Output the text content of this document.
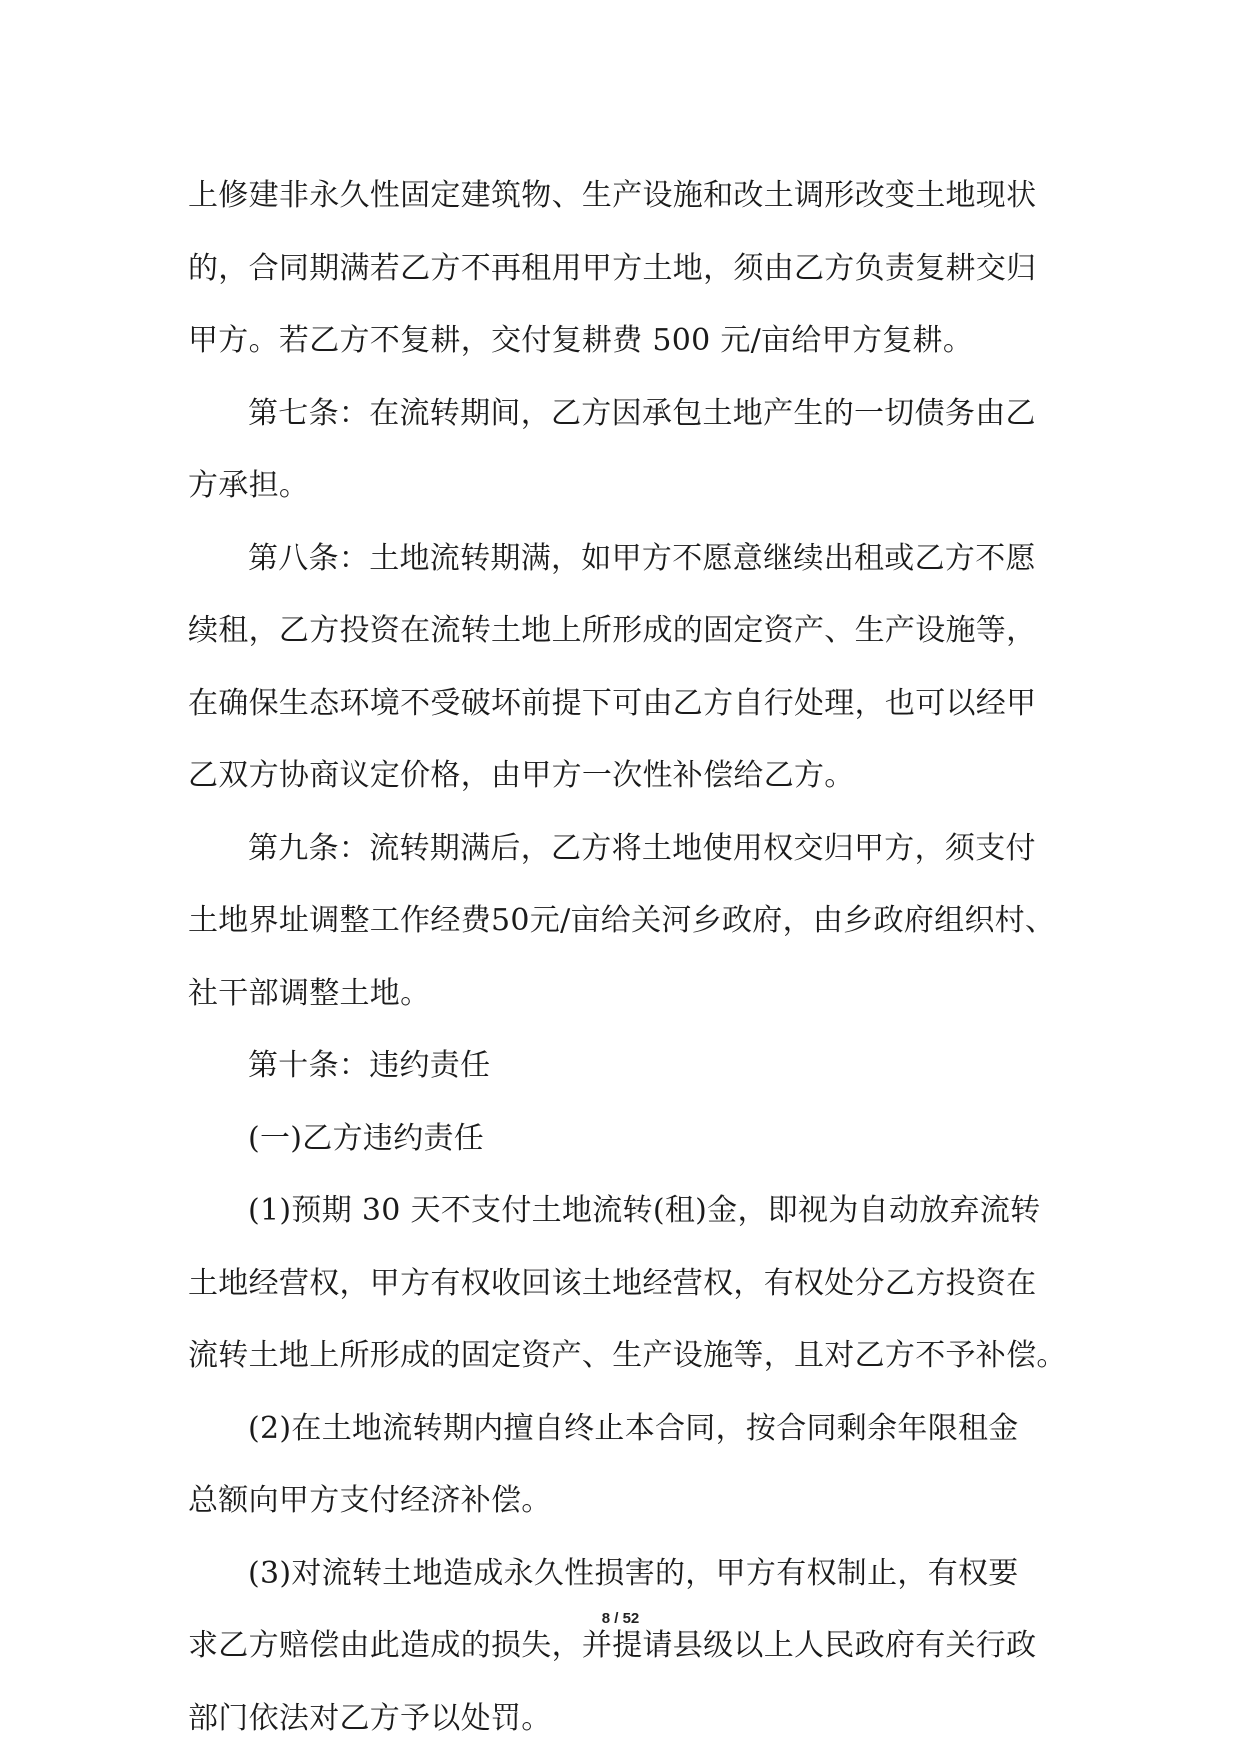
上修建非永久性固定建筑物、生产设施和改土调形改变土地现状
的，合同期满若乙方不再租用甲方土地，须由乙方负责复耕交归
甲方。若乙方不复耕，交付复耕费 500 元/亩给甲方复耕。
第七条：在流转期间，乙方因承包土地产生的一切债务由乙
方承担。
第八条：土地流转期满，如甲方不愿意继续出租或乙方不愿
续租，乙方投资在流转土地上所形成的固定资产、生产设施等，
在确保生态环境不受破坏前提下可由乙方自行处理，也可以经甲
乙双方协商议定价格，由甲方一次性补偿给乙方。
第九条：流转期满后，乙方将土地使用权交归甲方，须支付
土地界址调整工作经费50元/亩给关河乡政府，由乡政府组织村、
社干部调整土地。
第十条：违约责任
(一)乙方违约责任
(1)预期 30 天不支付土地流转(租)金，即视为自动放弃流转
土地经营权，甲方有权收回该土地经营权，有权处分乙方投资在
流转土地上所形成的固定资产、生产设施等，且对乙方不予补偿。
(2)在土地流转期内擅自终止本合同，按合同剩余年限租金
总额向甲方支付经济补偿。
(3)对流转土地造成永久性损害的，甲方有权制止，有权要
求乙方赔偿由此造成的损失，并提请县级以上人民政府有关行政
部门依法对乙方予以处罚。
8 / 52
